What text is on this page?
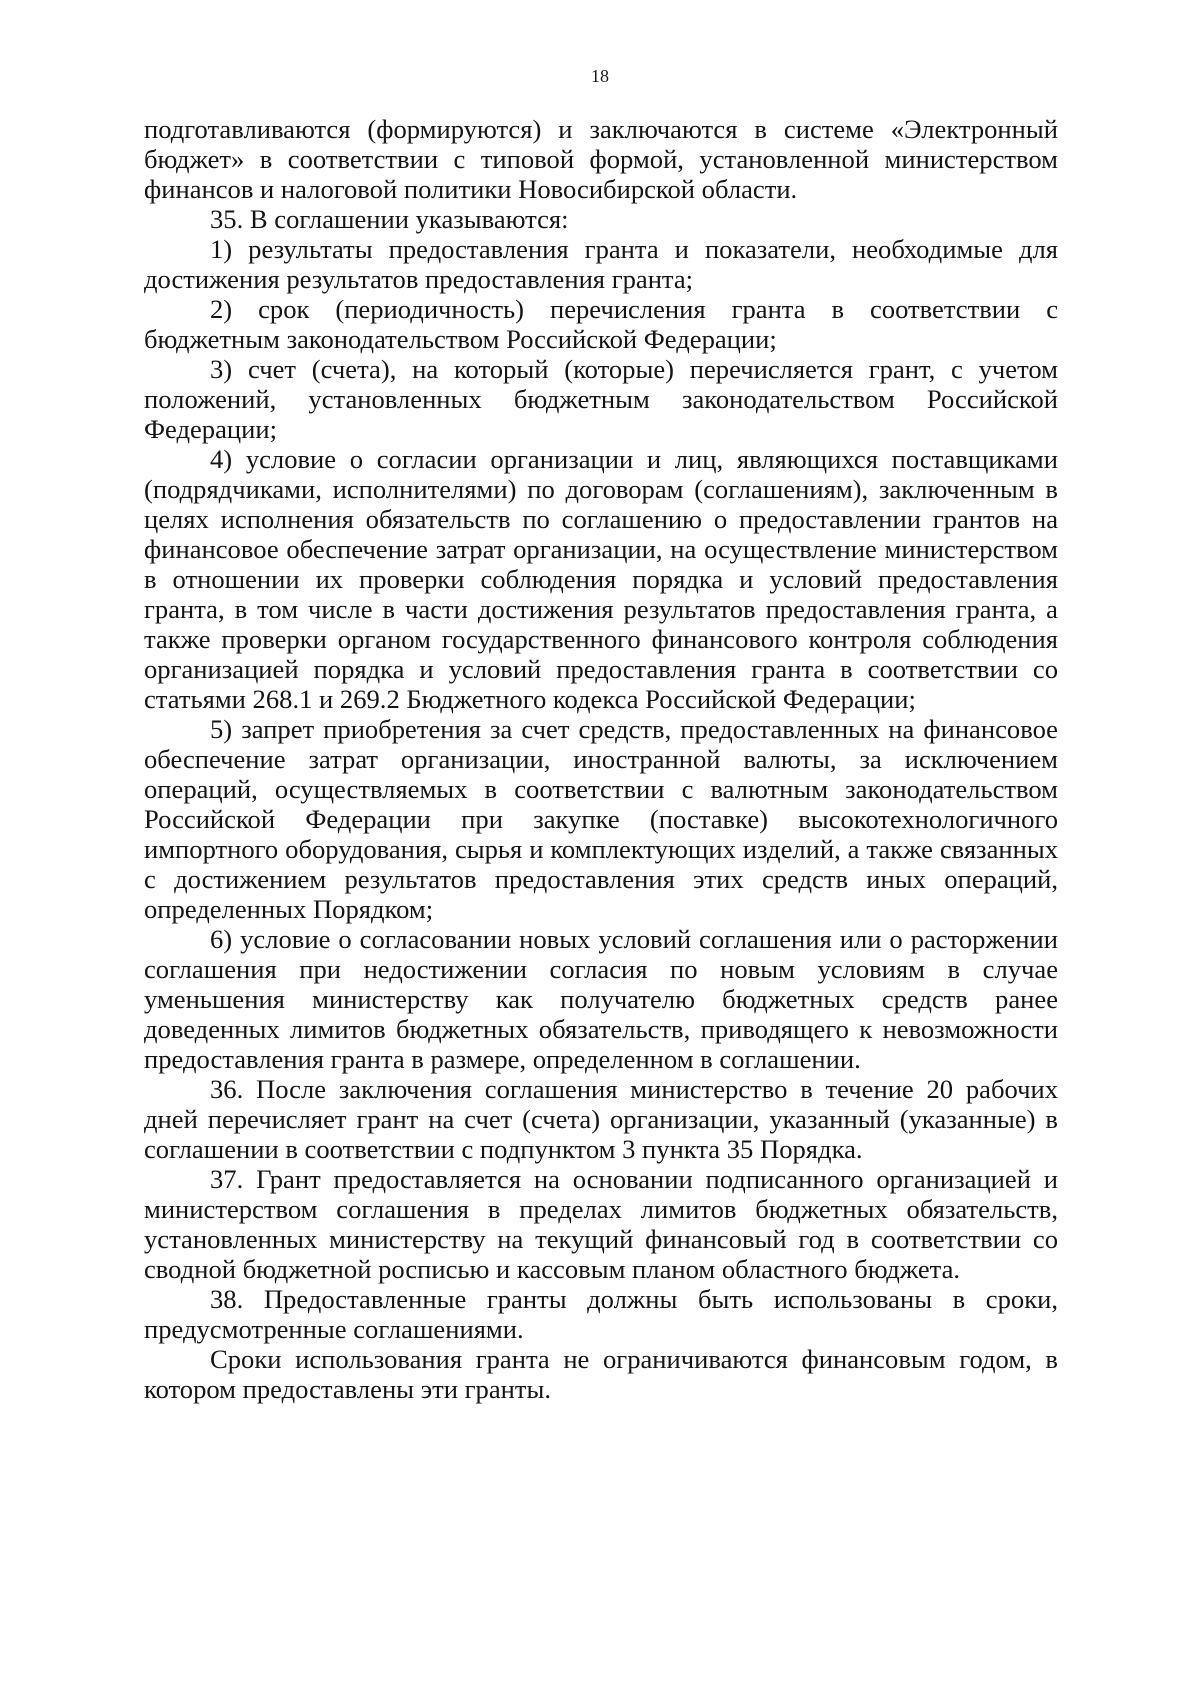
18

подготавливаются (формируются) и заключаются в системе «Электронный бюджет» в соответствии с типовой формой, установленной министерством финансов и налоговой политики Новосибирской области.

35. В соглашении указываются:

1) результаты предоставления гранта и показатели, необходимые для достижения результатов предоставления гранта;

2) срок (периодичность) перечисления гранта в соответствии с бюджетным законодательством Российской Федерации;

3) счет (счета), на который (которые) перечисляется грант, с учетом положений, установленных бюджетным законодательством Российской Федерации;

4) условие о согласии организации и лиц, являющихся поставщиками (подрядчиками, исполнителями) по договорам (соглашениям), заключенным в целях исполнения обязательств по соглашению о предоставлении грантов на финансовое обеспечение затрат организации, на осуществление министерством в отношении их проверки соблюдения порядка и условий предоставления гранта, в том числе в части достижения результатов предоставления гранта, а также проверки органом государственного финансового контроля соблюдения организацией порядка и условий предоставления гранта в соответствии со статьями 268.1 и 269.2 Бюджетного кодекса Российской Федерации;

5) запрет приобретения за счет средств, предоставленных на финансовое обеспечение затрат организации, иностранной валюты, за исключением операций, осуществляемых в соответствии с валютным законодательством Российской Федерации при закупке (поставке) высокотехнологичного импортного оборудования, сырья и комплектующих изделий, а также связанных с достижением результатов предоставления этих средств иных операций, определенных Порядком;

6) условие о согласовании новых условий соглашения или о расторжении соглашения при недостижении согласия по новым условиям в случае уменьшения министерству как получателю бюджетных средств ранее доведенных лимитов бюджетных обязательств, приводящего к невозможности предоставления гранта в размере, определенном в соглашении.

36. После заключения соглашения министерство в течение 20 рабочих дней перечисляет грант на счет (счета) организации, указанный (указанные) в соглашении в соответствии с подпунктом 3 пункта 35 Порядка.

37. Грант предоставляется на основании подписанного организацией и министерством соглашения в пределах лимитов бюджетных обязательств, установленных министерству на текущий финансовый год в соответствии со сводной бюджетной росписью и кассовым планом областного бюджета.

38. Предоставленные гранты должны быть использованы в сроки, предусмотренные соглашениями.

Сроки использования гранта не ограничиваются финансовым годом, в котором предоставлены эти гранты.
